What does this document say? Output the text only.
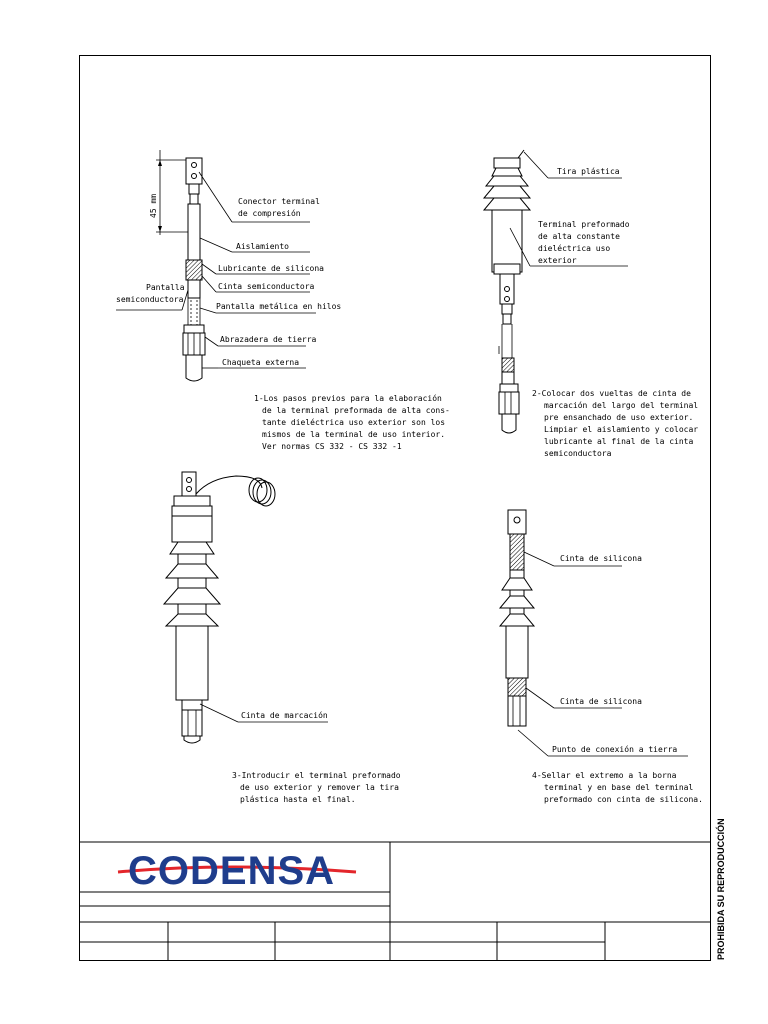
45 mm	Conector terminal
de compresión
Aislamiento
Lubricante de silicona
Cinta semiconductora
Pantalla
semiconductora
Pantalla metálica en hilos
Abrazadera de tierra
Chaqueta externa
1-Los pasos previos para la elaboración
de la terminal preformada de alta cons-
tante dieléctrica uso exterior son los
mismos de la terminal de uso interior.
Ver normas CS 332 - CS 332 -1
Tira plástica
Terminal preformado
de alta constante
dieléctrica uso
exterior
2-Colocar dos vueltas de cinta de
marcación del largo del terminal
pre ensanchado de uso exterior.
Limpiar el aislamiento y colocar
lubricante al final de la cinta
semiconductora
Cinta de marcación
3-Introducir el terminal preformado
de uso exterior y remover la tira
plástica hasta el final.
Cinta de silicona
Cinta de silicona
Punto de conexión a tierra
4-Sellar el extremo a la borna
terminal y en base del terminal
preformado con cinta de silicona.
CODENSA	PROHIBIDA SU REPRODUCCIÓN
